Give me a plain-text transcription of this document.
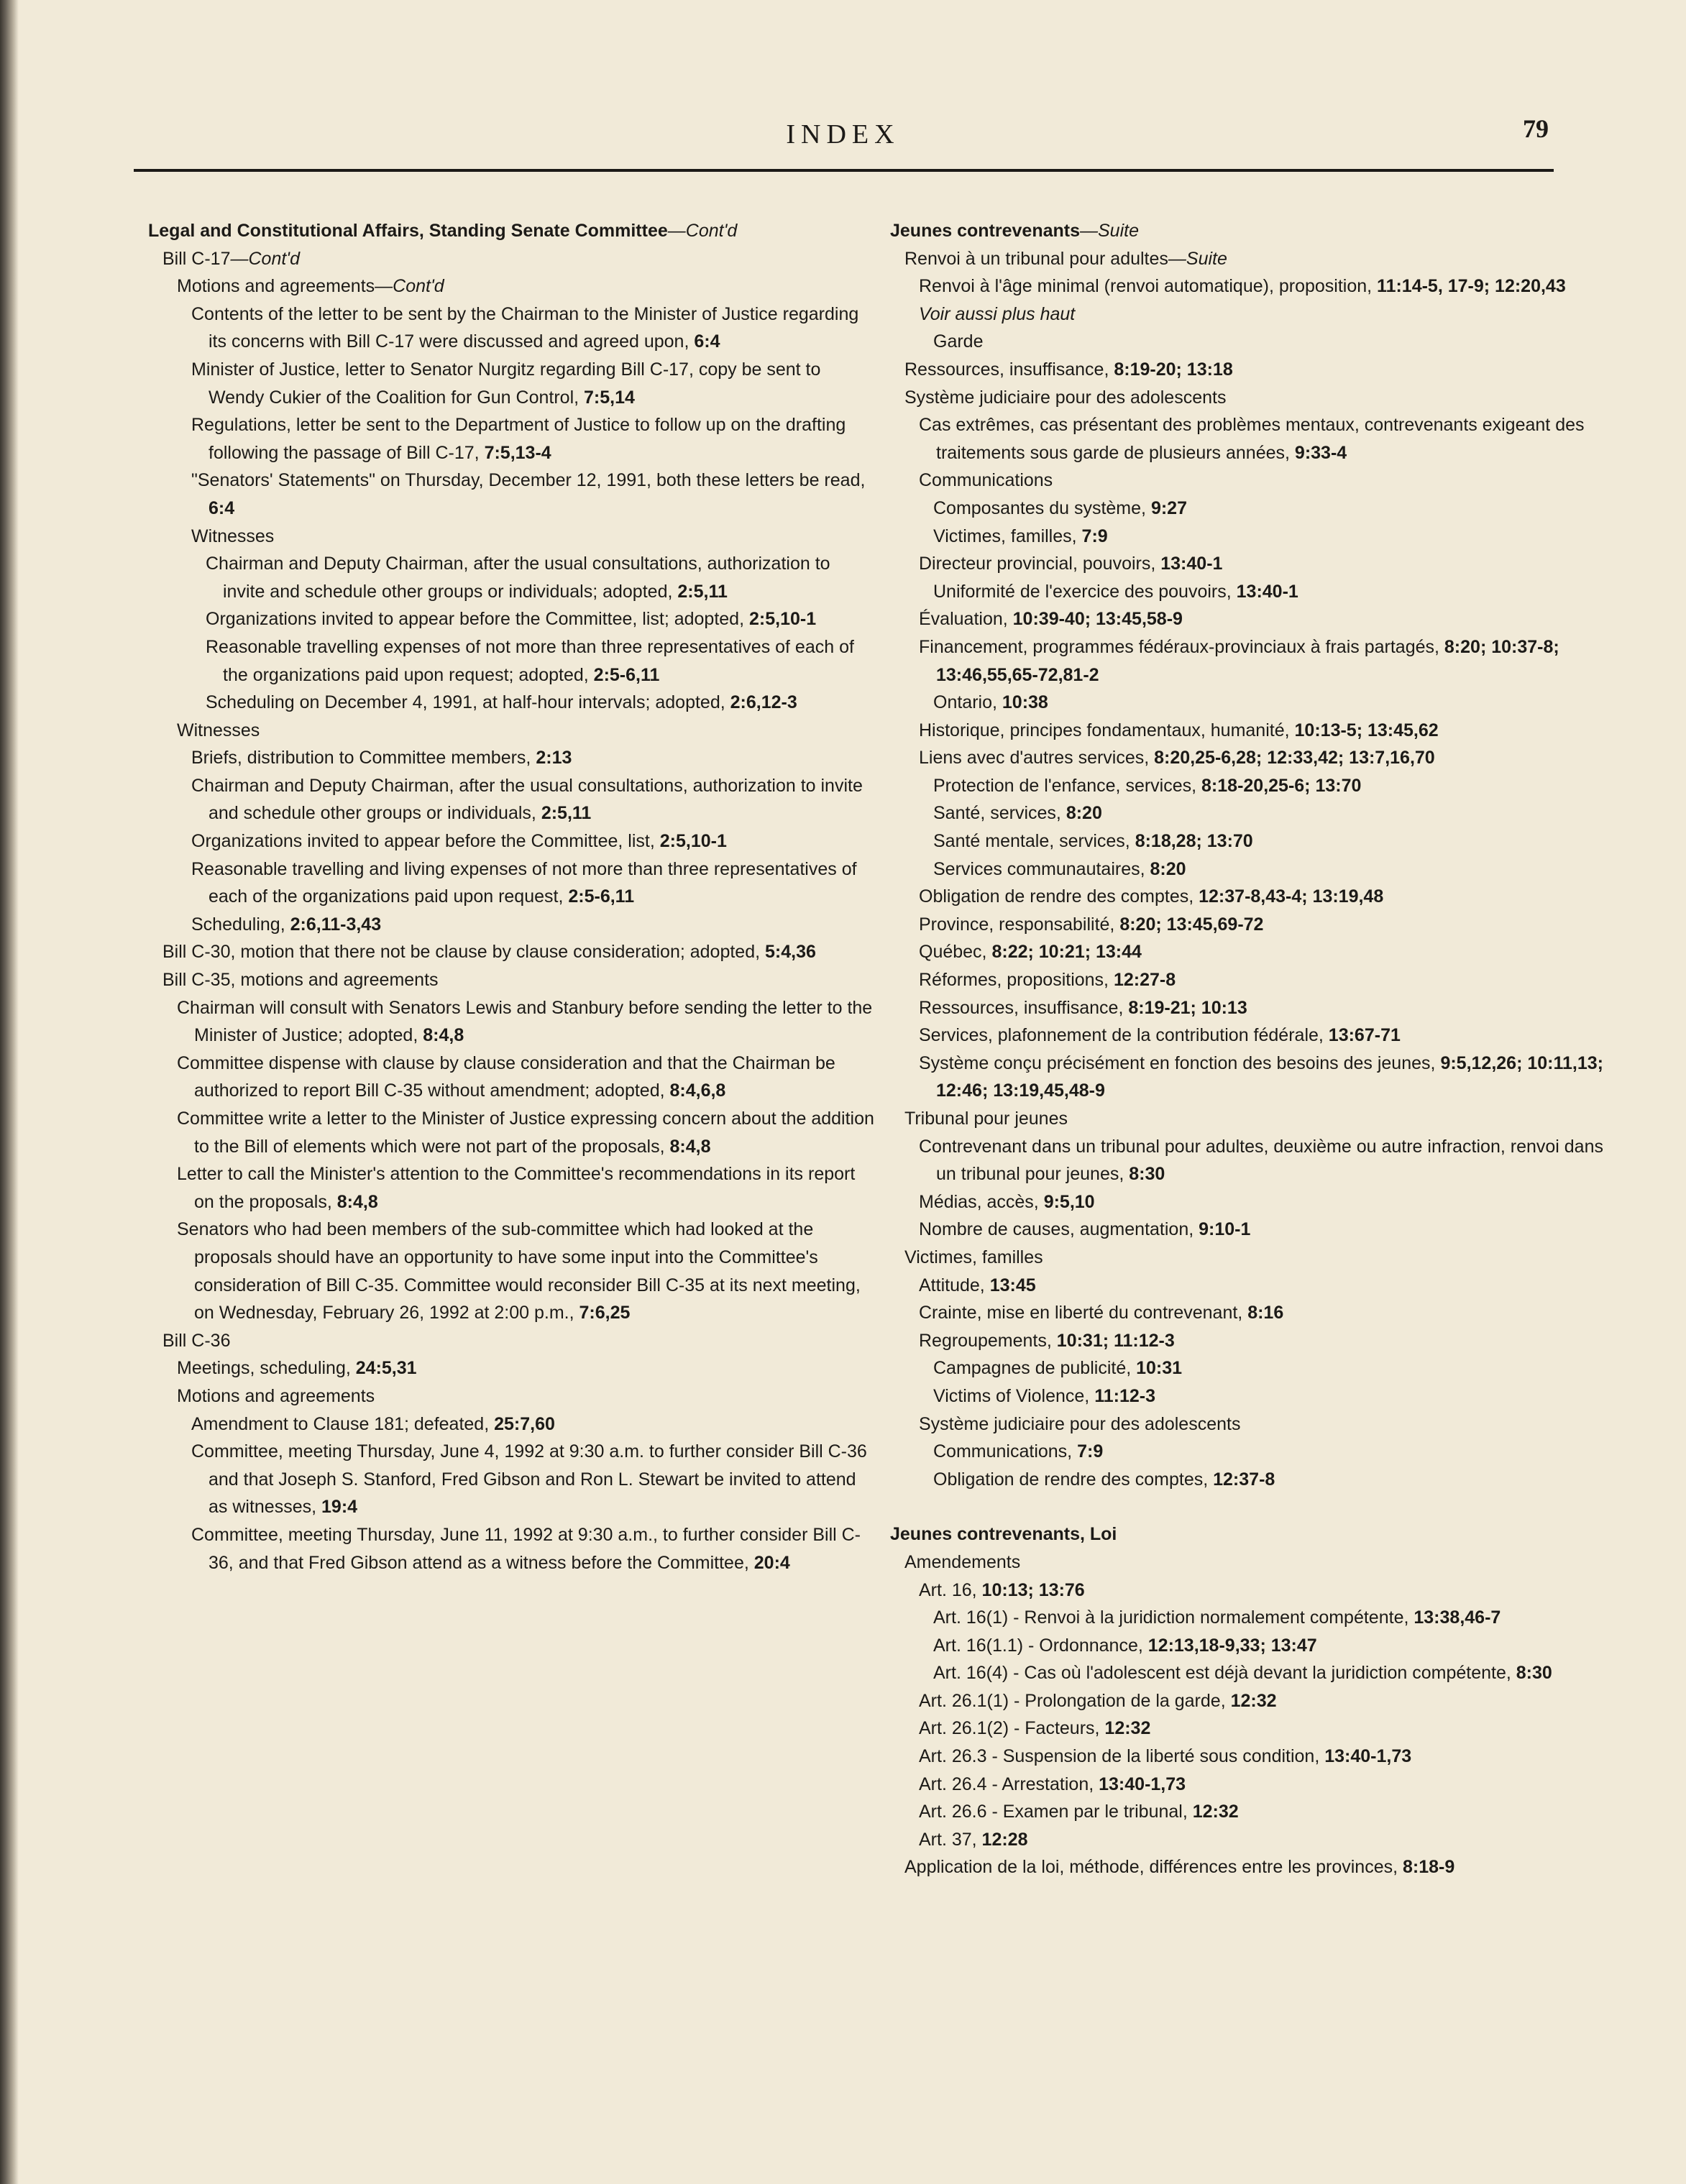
INDEX	79
Legal and Constitutional Affairs, Standing Senate Committee—Cont'd
Bill C-17—Cont'd
Motions and agreements—Cont'd
Contents of the letter to be sent by the Chairman to the Minister of Justice regarding its concerns with Bill C-17 were discussed and agreed upon, 6:4
Minister of Justice, letter to Senator Nurgitz regarding Bill C-17, copy be sent to Wendy Cukier of the Coalition for Gun Control, 7:5,14
Regulations, letter be sent to the Department of Justice to follow up on the drafting following the passage of Bill C-17, 7:5,13-4
"Senators' Statements" on Thursday, December 12, 1991, both these letters be read, 6:4
Witnesses
Chairman and Deputy Chairman, after the usual consultations, authorization to invite and schedule other groups or individuals; adopted, 2:5,11
Organizations invited to appear before the Committee, list; adopted, 2:5,10-1
Reasonable travelling expenses of not more than three representatives of each of the organizations paid upon request; adopted, 2:5-6,11
Scheduling on December 4, 1991, at half-hour intervals; adopted, 2:6,12-3
Witnesses
Briefs, distribution to Committee members, 2:13
Chairman and Deputy Chairman, after the usual consultations, authorization to invite and schedule other groups or individuals, 2:5,11
Organizations invited to appear before the Committee, list, 2:5,10-1
Reasonable travelling and living expenses of not more than three representatives of each of the organizations paid upon request, 2:5-6,11
Scheduling, 2:6,11-3,43
Bill C-30, motion that there not be clause by clause consideration; adopted, 5:4,36
Bill C-35, motions and agreements
Chairman will consult with Senators Lewis and Stanbury before sending the letter to the Minister of Justice; adopted, 8:4,8
Committee dispense with clause by clause consideration and that the Chairman be authorized to report Bill C-35 without amendment; adopted, 8:4,6,8
Committee write a letter to the Minister of Justice expressing concern about the addition to the Bill of elements which were not part of the proposals, 8:4,8
Letter to call the Minister's attention to the Committee's recommendations in its report on the proposals, 8:4,8
Senators who had been members of the sub-committee which had looked at the proposals should have an opportunity to have some input into the Committee's consideration of Bill C-35. Committee would reconsider Bill C-35 at its next meeting, on Wednesday, February 26, 1992 at 2:00 p.m., 7:6,25
Bill C-36
Meetings, scheduling, 24:5,31
Motions and agreements
Amendment to Clause 181; defeated, 25:7,60
Committee, meeting Thursday, June 4, 1992 at 9:30 a.m. to further consider Bill C-36 and that Joseph S. Stanford, Fred Gibson and Ron L. Stewart be invited to attend as witnesses, 19:4
Committee, meeting Thursday, June 11, 1992 at 9:30 a.m., to further consider Bill C-36, and that Fred Gibson attend as a witness before the Committee, 20:4
Jeunes contrevenants—Suite
Renvoi à un tribunal pour adultes—Suite
Renvoi à l'âge minimal (renvoi automatique), proposition, 11:14-5, 17-9; 12:20,43
Voir aussi plus haut
Garde
Ressources, insuffisance, 8:19-20; 13:18
Système judiciaire pour des adolescents
Cas extrêmes, cas présentant des problèmes mentaux, contrevenants exigeant des traitements sous garde de plusieurs années, 9:33-4
Communications
Composantes du système, 9:27
Victimes, familles, 7:9
Directeur provincial, pouvoirs, 13:40-1
Uniformité de l'exercice des pouvoirs, 13:40-1
Évaluation, 10:39-40; 13:45,58-9
Financement, programmes fédéraux-provinciaux à frais partagés, 8:20; 10:37-8; 13:46,55,65-72,81-2
Ontario, 10:38
Historique, principes fondamentaux, humanité, 10:13-5; 13:45,62
Liens avec d'autres services, 8:20,25-6,28; 12:33,42; 13:7,16,70
Protection de l'enfance, services, 8:18-20,25-6; 13:70
Santé, services, 8:20
Santé mentale, services, 8:18,28; 13:70
Services communautaires, 8:20
Obligation de rendre des comptes, 12:37-8,43-4; 13:19,48
Province, responsabilité, 8:20; 13:45,69-72
Québec, 8:22; 10:21; 13:44
Réformes, propositions, 12:27-8
Ressources, insuffisance, 8:19-21; 10:13
Services, plafonnement de la contribution fédérale, 13:67-71
Système conçu précisément en fonction des besoins des jeunes, 9:5,12,26; 10:11,13; 12:46; 13:19,45,48-9
Tribunal pour jeunes
Contrevenant dans un tribunal pour adultes, deuxième ou autre infraction, renvoi dans un tribunal pour jeunes, 8:30
Médias, accès, 9:5,10
Nombre de causes, augmentation, 9:10-1
Victimes, familles
Attitude, 13:45
Crainte, mise en liberté du contrevenant, 8:16
Regroupements, 10:31; 11:12-3
Campagnes de publicité, 10:31
Victims of Violence, 11:12-3
Système judiciaire pour des adolescents
Communications, 7:9
Obligation de rendre des comptes, 12:37-8
Jeunes contrevenants, Loi
Amendements
Art. 16, 10:13; 13:76
Art. 16(1) - Renvoi à la juridiction normalement compétente, 13:38,46-7
Art. 16(1.1) - Ordonnance, 12:13,18-9,33; 13:47
Art. 16(4) - Cas où l'adolescent est déjà devant la juridiction compétente, 8:30
Art. 26.1(1) - Prolongation de la garde, 12:32
Art. 26.1(2) - Facteurs, 12:32
Art. 26.3 - Suspension de la liberté sous condition, 13:40-1,73
Art. 26.4 - Arrestation, 13:40-1,73
Art. 26.6 - Examen par le tribunal, 12:32
Art. 37, 12:28
Application de la loi, méthode, différences entre les provinces, 8:18-9
